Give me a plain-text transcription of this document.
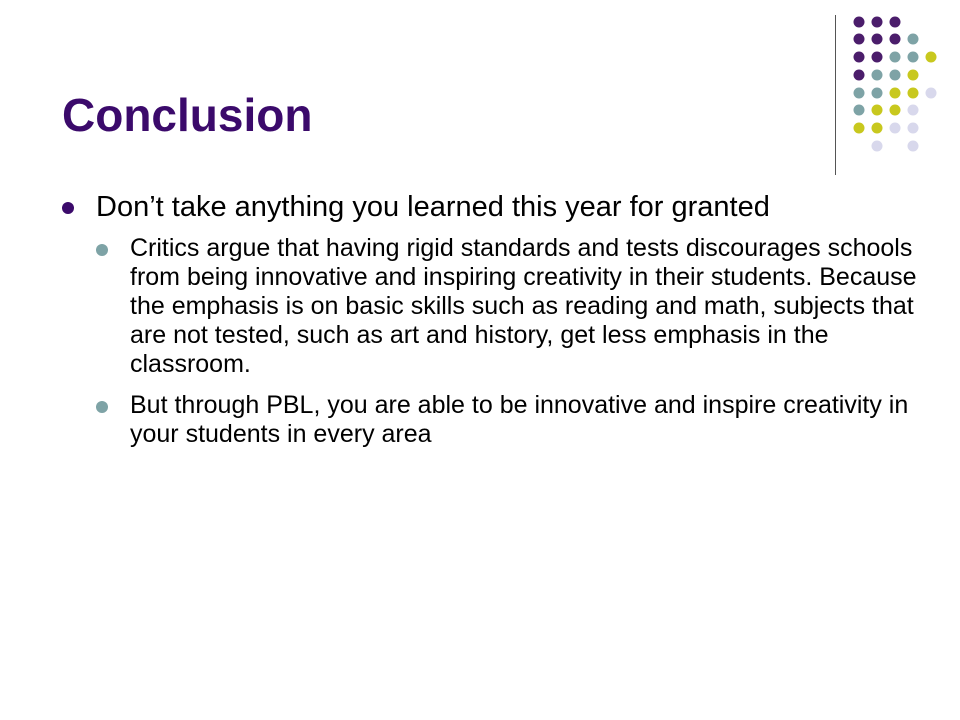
Conclusion
Don’t take anything you learned this year for granted
Critics argue that having rigid standards and tests discourages schools from being innovative and inspiring creativity in their students. Because the emphasis is on basic skills such as reading and math, subjects that are not tested, such as art and history, get less emphasis in the classroom.
But through PBL, you are able to be innovative and inspire creativity in your students in every area
